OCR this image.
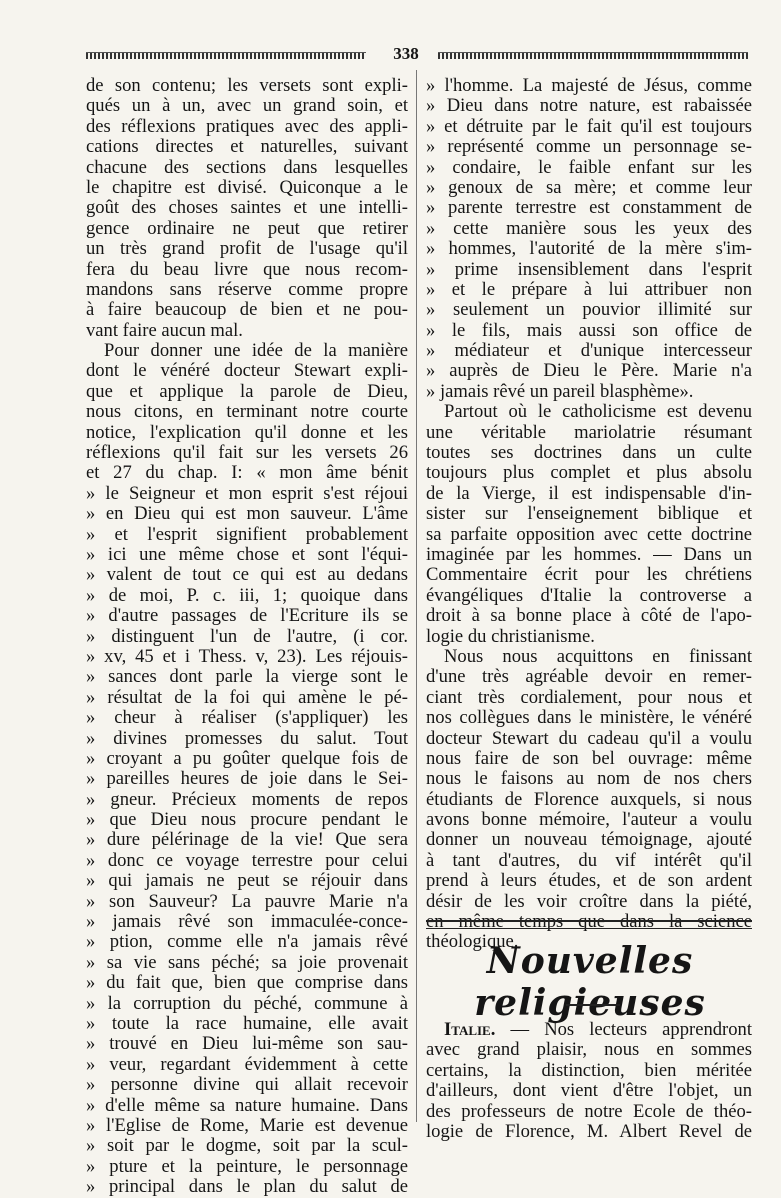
338
de son contenu; les versets sont expli-
qués un à un, avec un grand soin, et
des réflexions pratiques avec des appli-
cations directes et naturelles, suivant
chacune des sections dans lesquelles
le chapitre est divisé. Quiconque a le
goût des choses saintes et une intelli-
gence ordinaire ne peut que retirer
un très grand profit de l'usage qu'il
fera du beau livre que nous recom-
mandons sans réserve comme propre
à faire beaucoup de bien et ne pou-
vant faire aucun mal.
Pour donner une idée de la manière
dont le vénéré docteur Stewart expli-
que et applique la parole de Dieu,
nous citons, en terminant notre courte
notice, l'explication qu'il donne et les
réflexions qu'il fait sur les versets 26
et 27 du chap. I: « mon âme bénit
» le Seigneur et mon esprit s'est réjoui
» en Dieu qui est mon sauveur. L'âme
» et l'esprit signifient probablement
» ici une même chose et sont l'équi-
» valent de tout ce qui est au dedans
» de moi, P. c. iii, 1; quoique dans
» d'autre passages de l'Ecriture ils se
» distinguent l'un de l'autre, (i cor.
» xv, 45 et i Thess. v, 23). Les réjouis-
» sances dont parle la vierge sont le
» résultat de la foi qui amène le pé-
» cheur à réaliser (s'appliquer) les
» divines promesses du salut. Tout
» croyant a pu goûter quelque fois de
» pareilles heures de joie dans le Sei-
» gneur. Précieux moments de repos
» que Dieu nous procure pendant le
» dure pélérinage de la vie! Que sera
» donc ce voyage terrestre pour celui
» qui jamais ne peut se réjouir dans
» son Sauveur? La pauvre Marie n'a
» jamais rêvé son immaculée-conce-
» ption, comme elle n'a jamais rêvé
» sa vie sans péché; sa joie provenait
» du fait que, bien que comprise dans
» la corruption du péché, commune à
» toute la race humaine, elle avait
» trouvé en Dieu lui-même son sau-
» veur, regardant évidemment à cette
» personne divine qui allait recevoir
» d'elle même sa nature humaine. Dans
» l'Eglise de Rome, Marie est devenue
» soit par le dogme, soit par la scul-
» pture et la peinture, le personnage
» principal dans le plan du salut de
» l'homme. La majesté de Jésus, comme
» Dieu dans notre nature, est rabaissée
» et détruite par le fait qu'il est toujours
» représenté comme un personnage se-
» condaire, le faible enfant sur les
» genoux de sa mère; et comme leur
» parente terrestre est constamment de
» cette manière sous les yeux des
» hommes, l'autorité de la mère s'im-
» prime insensiblement dans l'esprit
» et le prépare à lui attribuer non
» seulement un pouvior illimité sur
» le fils, mais aussi son office de
» médiateur et d'unique intercesseur
» auprès de Dieu le Père. Marie n'a
» jamais rêvé un pareil blasphème».
Partout où le catholicisme est devenu
une véritable mariolatrie résumant
toutes ses doctrines dans un culte
toujours plus complet et plus absolu
de la Vierge, il est indispensable d'in-
sister sur l'enseignement biblique et
sa parfaite opposition avec cette doctrine
imaginée par les hommes. — Dans un
Commentaire écrit pour les chrétiens
évangéliques d'Italie la controverse a
droit à sa bonne place à côté de l'apo-
logie du christianisme.
Nous nous acquittons en finissant
d'une très agréable devoir en remer-
ciant très cordialement, pour nous et
nos collègues dans le ministère, le vénéré
docteur Stewart du cadeau qu'il a voulu
nous faire de son bel ouvrage: même
nous le faisons au nom de nos chers
étudiants de Florence auxquels, si nous
avons bonne mémoire, l'auteur a voulu
donner un nouveau témoignage, ajouté
à tant d'autres, du vif intérêt qu'il
prend à leurs études, et de son ardent
désir de les voir croître dans la piété,
en même temps que dans la science
théologique.
Nouvelles religieuses
Italie. — Nos lecteurs apprendront
avec grand plaisir, nous en sommes
certains, la distinction, bien méritée
d'ailleurs, dont vient d'être l'objet, un
des professeurs de notre Ecole de théo-
logie de Florence, M. Albert Revel de
